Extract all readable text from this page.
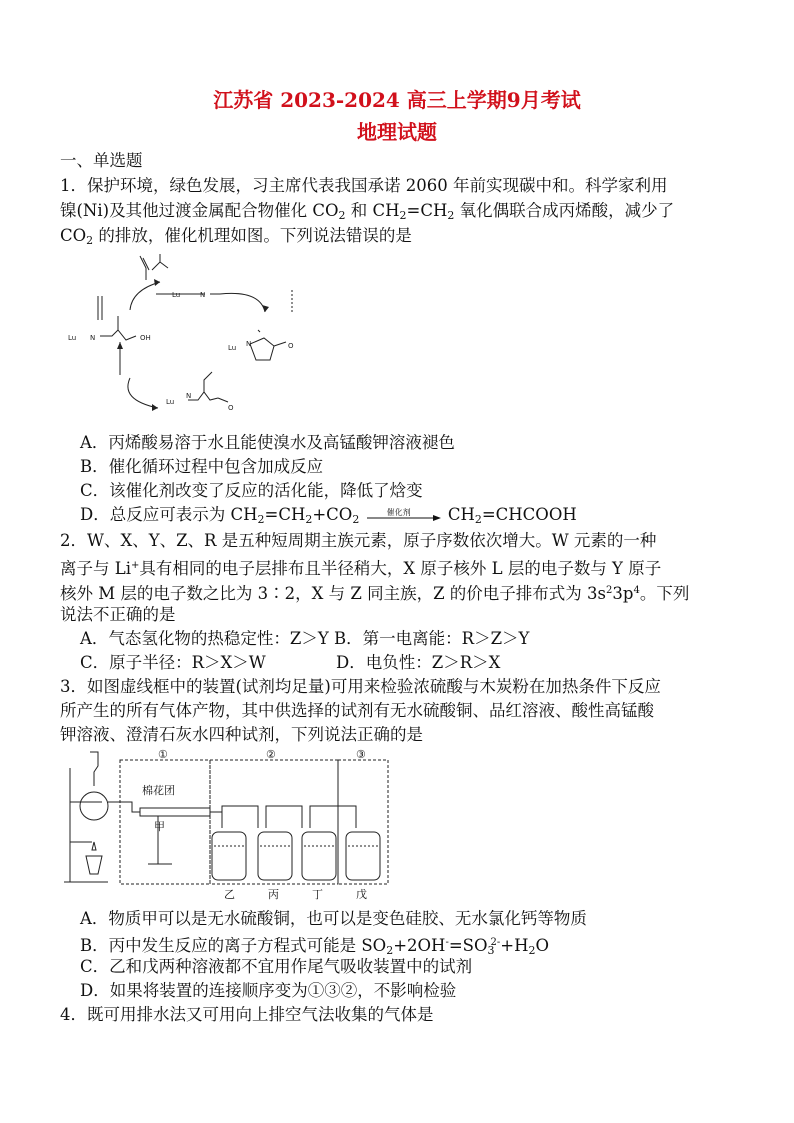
江苏省 2023-2024 高三上学期9月考试
地理试题
一、单选题
1．保护环境，绿色发展，习主席代表我国承诺 2060 年前实现碳中和。科学家利用
镍(Ni)及其他过渡金属配合物催化 $CO_2$ 和 $CH_2=CH_2$ 氧化偶联合成丙烯酸，减少了
$CO_2$ 的排放，催化机理如图。下列说法错误的是
Lu	N
Lu N	OH
Lu N	O
Lu
N
O
A．丙烯酸易溶于水且能使溴水及高锰酸钾溶液褪色
B．催化循环过程中包含加成反应
C．该催化剂改变了反应的活化能，降低了焓变
D．总反应可表示为 $CH_2=CH_2+CO_2$
催化剂 $CH_2=CHCOOH$
2．W、X、Y、Z、R 是五种短周期主族元素，原子序数依次增大。W 元素的一种
离子与 Li+具有相同的电子层排布且半径稍大，X 原子核外 L 层的电子数与 Y 原子
核外 M 层的电子数之比为 3∶2，X 与 Z 同主族，Z 的价电子排布式为 $3s^23p^4$。下列
说法不正确的是
A．气态氢化物的热稳定性：Z＞Y B．第一电离能：R＞Z＞Y
C．原子半径：R＞X＞W	D．电负性：Z＞R＞X
3．如图虚线框中的装置(试剂均足量)可用来检验浓硫酸与木炭粉在加热条件下反应
所产生的所有气体产物，其中供选择的试剂有无水硫酸铜、品红溶液、酸性高锰酸
钾溶液、澄清石灰水四种试剂，下列说法正确的是
①	②	③
棉花团
甲
乙	丙	丁	戊
A．物质甲可以是无水硫酸铜，也可以是变色硅胶、无水氯化钙等物质
B．丙中发生反应的离子方程式可能是 $SO_2+2OH^-=SO_3^{2-}+H_2O$
C．乙和戊两种溶液都不宜用作尾气吸收装置中的试剂
D．如果将装置的连接顺序变为①③②，不影响检验
4．既可用排水法又可用向上排空气法收集的气体是
